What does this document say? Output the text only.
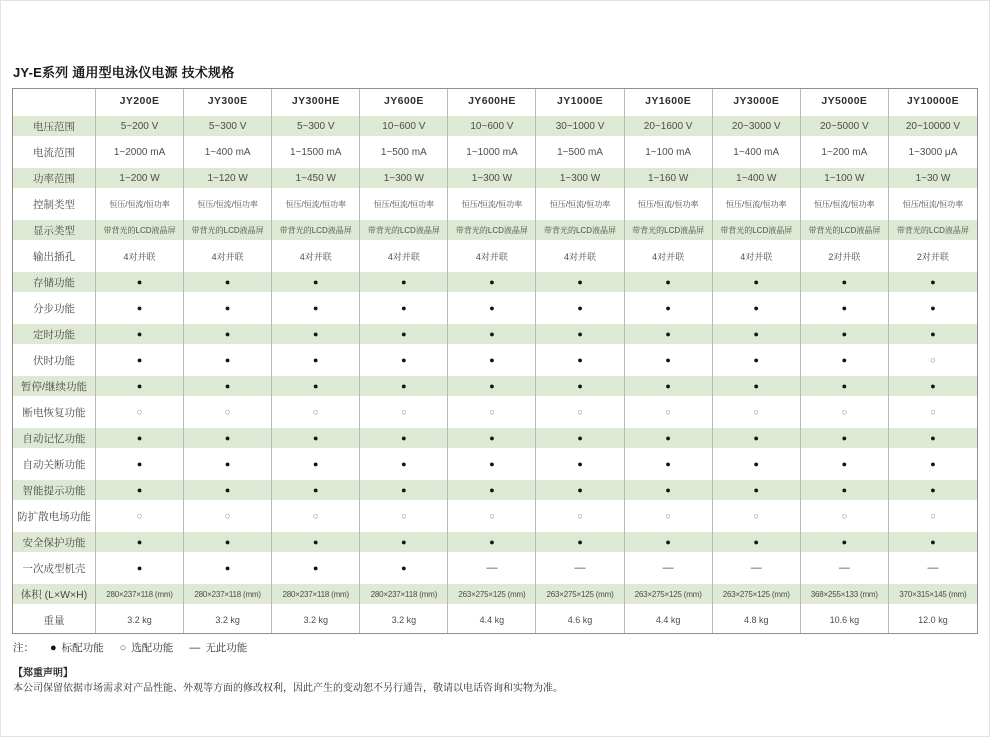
JY-E系列 通用型电泳仪电源 技术规格
JY200E	JY300E	JY300HE	JY600E	JY600HE	JY1000E	JY1600E	JY3000E	JY5000E	JY10000E
电压范围	5~200 V	5~300 V	5~300 V	10~600 V	10~600 V	30~1000 V	20~1600 V	20~3000 V	20~5000 V	20~10000 V
电流范围	1~2000 mA	1~400 mA	1~1500 mA	1~500 mA	1~1000 mA	1~500 mA	1~100 mA	1~400 mA	1~200 mA	1~3000 μA
功率范围	1~200 W	1~120 W	1~450 W	1~300 W	1~300 W	1~300 W	1~160 W	1~400 W	1~100 W	1~30 W
控制类型	恒压/恒流/恒功率	恒压/恒流/恒功率	恒压/恒流/恒功率	恒压/恒流/恒功率	恒压/恒流/恒功率	恒压/恒流/恒功率	恒压/恒流/恒功率	恒压/恒流/恒功率	恒压/恒流/恒功率	恒压/恒流/恒功率
显示类型	带背光的LCD液晶屏	带背光的LCD液晶屏	带背光的LCD液晶屏	带背光的LCD液晶屏	带背光的LCD液晶屏	带背光的LCD液晶屏	带背光的LCD液晶屏	带背光的LCD液晶屏	带背光的LCD液晶屏	带背光的LCD液晶屏
输出插孔	4对并联	4对并联	4对并联	4对并联	4对并联	4对并联	4对并联	4对并联	2对并联	2对并联
存储功能	●	●	●	●	●	●	●	●	●	●
分步功能	●	●	●	●	●	●	●	●	●	●
定时功能	●	●	●	●	●	●	●	●	●	●
伏时功能	●	●	●	●	●	●	●	●	●	○
暂停/继续功能	●	●	●	●	●	●	●	●	●	●
断电恢复功能	○	○	○	○	○	○	○	○	○	○
自动记忆功能	●	●	●	●	●	●	●	●	●	●
自动关断功能	●	●	●	●	●	●	●	●	●	●
智能提示功能	●	●	●	●	●	●	●	●	●	●
防扩散电场功能	○	○	○	○	○	○	○	○	○	○
安全保护功能	●	●	●	●	●	●	●	●	●	●
一次成型机壳	●	●	●	●	—	—	—	—	—	—
体积 (L×W×H)	280×237×118 (mm)	280×237×118 (mm)	280×237×118 (mm)	280×237×118 (mm)	263×275×125 (mm)	263×275×125 (mm)	263×275×125 (mm)	263×275×125 (mm)	368×255×133 (mm)	370×315×145 (mm)
重量	3.2 kg	3.2 kg	3.2 kg	3.2 kg	4.4 kg	4.6 kg	4.4 kg	4.8 kg	10.6 kg	12.0 kg
注： ● 标配功能 ○ 选配功能 — 无此功能
【郑重声明】
本公司保留依据市场需求对产品性能、外观等方面的修改权利，因此产生的变动恕不另行通告，敬请以电话咨询和实物为准。
